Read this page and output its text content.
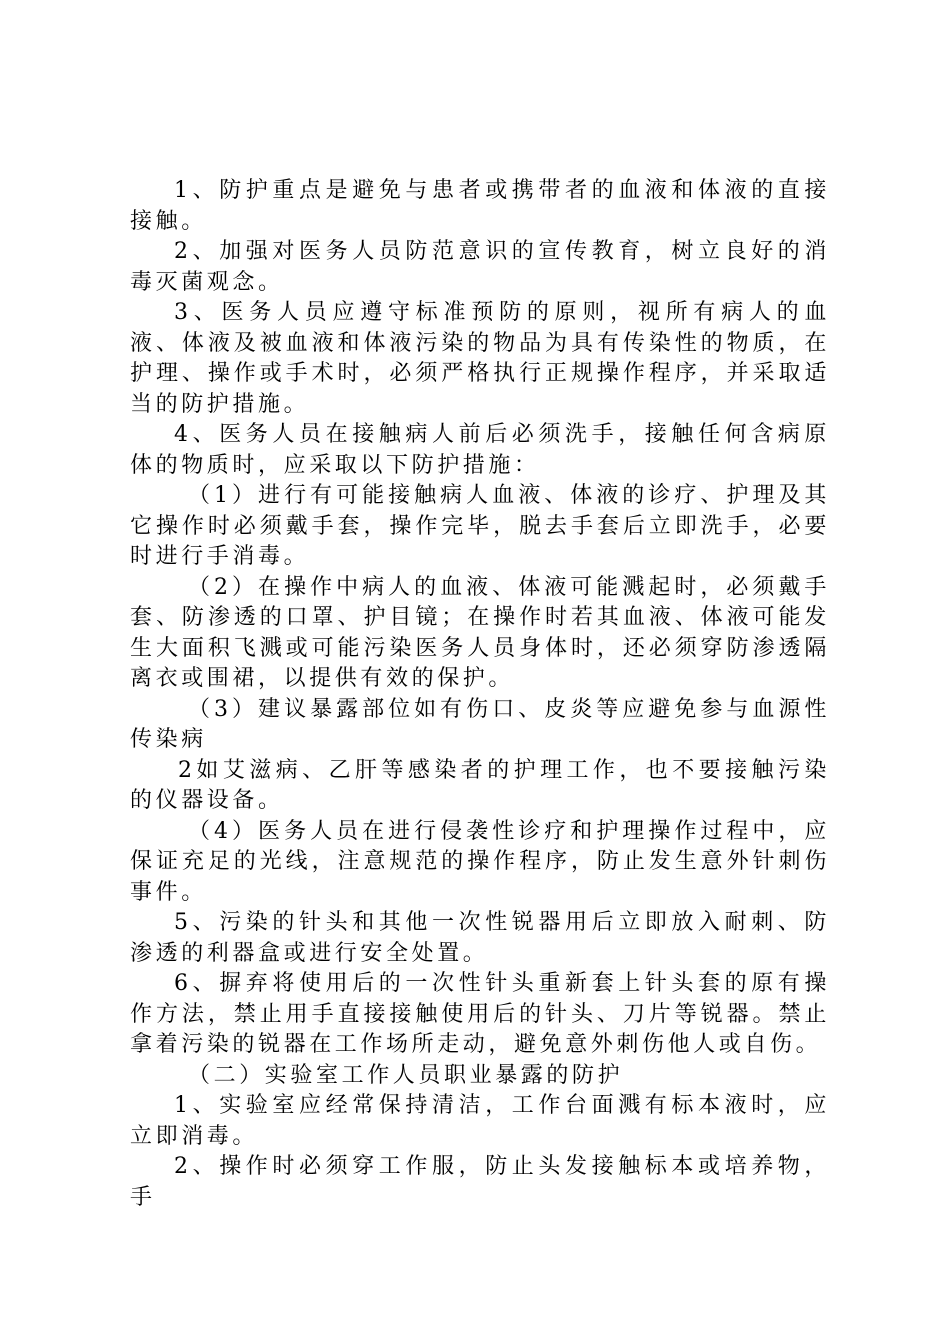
1、防护重点是避免与患者或携带者的血液和体液的直接接触。

2、加强对医务人员防范意识的宣传教育，树立良好的消毒灭菌观念。

3、医务人员应遵守标准预防的原则，视所有病人的血液、体液及被血液和体液污染的物品为具有传染性的物质，在护理、操作或手术时，必须严格执行正规操作程序，并采取适当的防护措施。

4、医务人员在接触病人前后必须洗手，接触任何含病原体的物质时，应采取以下防护措施：

（1）进行有可能接触病人血液、体液的诊疗、护理及其它操作时必须戴手套，操作完毕，脱去手套后立即洗手，必要时进行手消毒。

（2）在操作中病人的血液、体液可能溅起时，必须戴手套、防渗透的口罩、护目镜；在操作时若其血液、体液可能发生大面积飞溅或可能污染医务人员身体时，还必须穿防渗透隔离衣或围裙，以提供有效的保护。

（3）建议暴露部位如有伤口、皮炎等应避免参与血源性传染病

2如艾滋病、乙肝等感染者的护理工作，也不要接触污染的仪器设备。

（4）医务人员在进行侵袭性诊疗和护理操作过程中，应保证充足的光线，注意规范的操作程序，防止发生意外针刺伤事件。

5、污染的针头和其他一次性锐器用后立即放入耐刺、防渗透的利器盒或进行安全处置。

6、摒弃将使用后的一次性针头重新套上针头套的原有操作方法，禁止用手直接接触使用后的针头、刀片等锐器。禁止拿着污染的锐器在工作场所走动，避免意外刺伤他人或自伤。

（二）实验室工作人员职业暴露的防护

1、实验室应经常保持清洁，工作台面溅有标本液时，应立即消毒。

2、操作时必须穿工作服，防止头发接触标本或培养物，手
